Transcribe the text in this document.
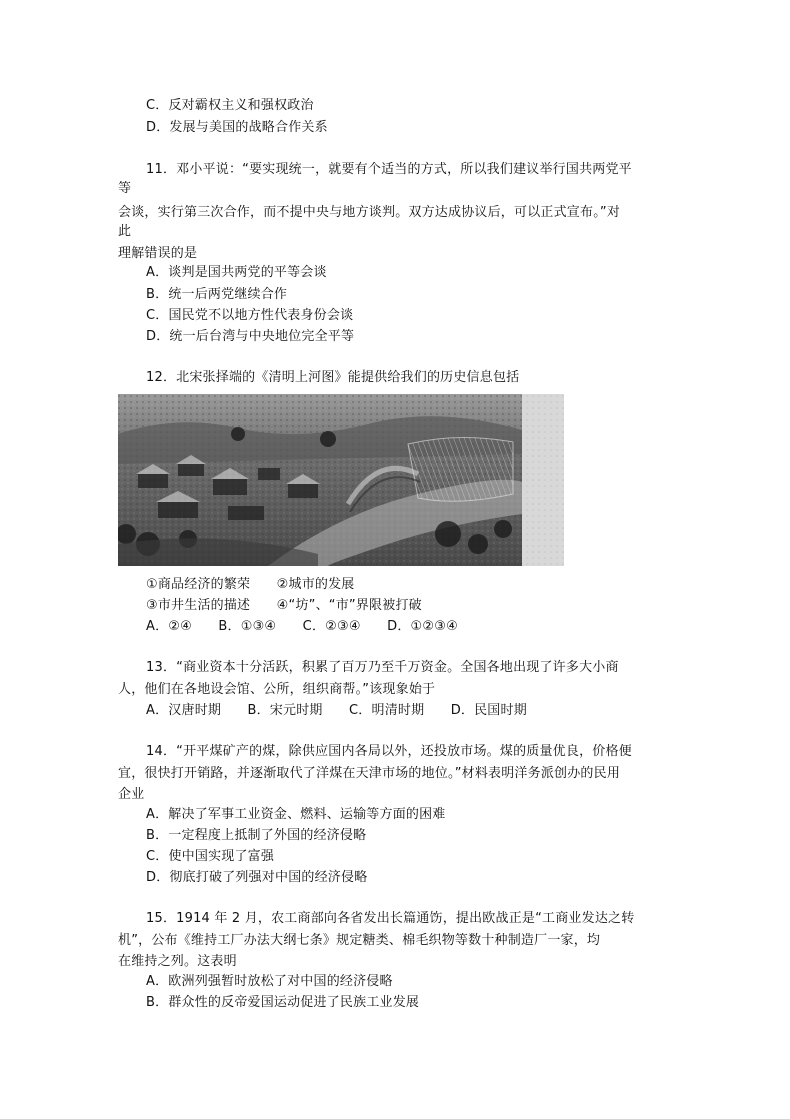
C．反对霸权主义和强权政治
D．发展与美国的战略合作关系
11．邓小平说：“要实现统一，就要有个适当的方式，所以我们建议举行国共两党平
等
会谈，实行第三次合作，而不提中央与地方谈判。双方达成协议后，可以正式宣布。”对
此
理解错误的是
A．谈判是国共两党的平等会谈
B．统一后两党继续合作
C．国民党不以地方性代表身份会谈
D．统一后台湾与中央地位完全平等
12．北宋张择端的《清明上河图》能提供给我们的历史信息包括
①商品经济的繁荣　　②城市的发展
③市井生活的描述　　④“坊”、“市”界限被打破
A．②④　　B．①③④　　C．②③④　　D．①②③④
13．“商业资本十分活跃，积累了百万乃至千万资金。全国各地出现了许多大小商
人，他们在各地设会馆、公所，组织商帮。”该现象始于
A．汉唐时期　　B．宋元时期　　C．明清时期　　D．民国时期
14．“开平煤矿产的煤，除供应国内各局以外，还投放市场。煤的质量优良，价格便
宜，很快打开销路，并逐渐取代了洋煤在天津市场的地位。”材料表明洋务派创办的民用
企业
A．解决了军事工业资金、燃料、运输等方面的困难
B．一定程度上抵制了外国的经济侵略
C．使中国实现了富强
D．彻底打破了列强对中国的经济侵略
15．1914 年 2 月，农工商部向各省发出长篇通饬，提出欧战正是“工商业发达之转
机”，公布《维持工厂办法大纲七条》规定糖类、棉毛织物等数十种制造厂一家，均
在维持之列。这表明
A．欧洲列强暂时放松了对中国的经济侵略
B．群众性的反帝爱国运动促进了民族工业发展
